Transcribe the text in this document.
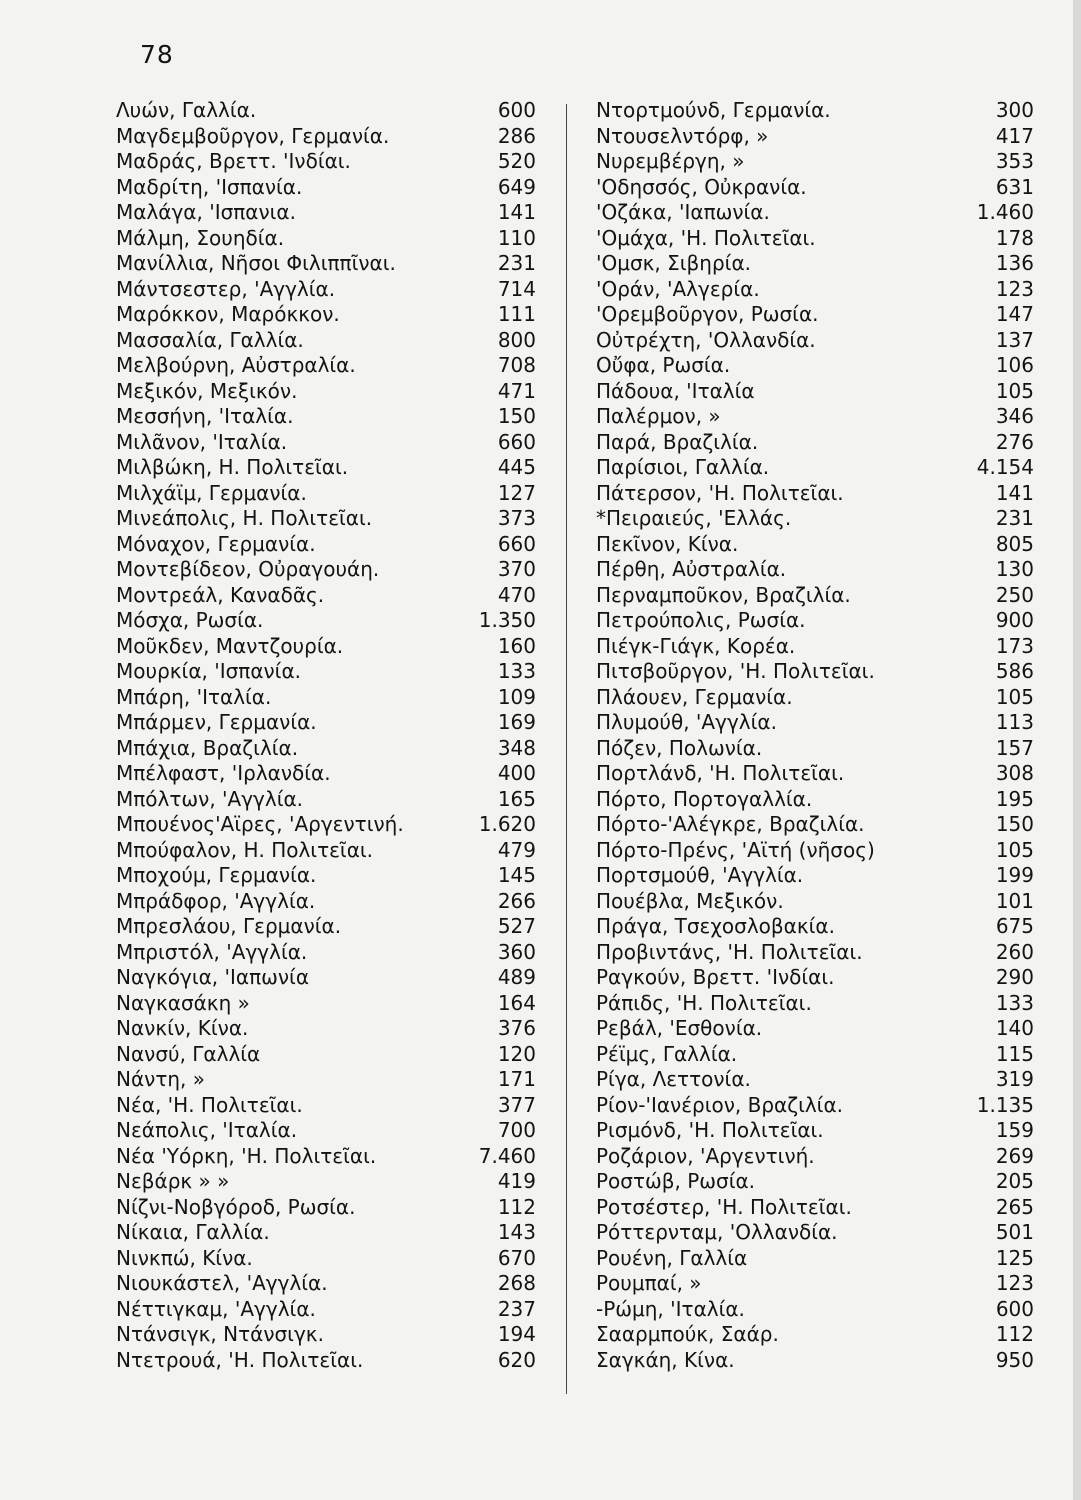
78
Λυών, Γαλλία.	600
Μαγδεμβοῦργον, Γερμανία.	286
Μαδράς, Βρεττ. 'Ινδίαι.	520
Μαδρίτη, 'Ισπανία.	649
Μαλάγα, 'Ισπανια.	141
Μάλμη, Σουηδία.	110
Μανίλλια, Νῆσοι Φιλιππῖναι.	231
Μάντσεστερ, 'Αγγλία.	714
Μαρόκκον, Μαρόκκον.	111
Μασσαλία, Γαλλία.	800
Μελβούρνη, Αὐστραλία.	708
Μεξικόν, Μεξικόν.	471
Μεσσήνη, 'Ιταλία.	150
Μιλᾶνον, 'Ιταλία.	660
Μιλβώκη, Η. Πολιτεῖαι.	445
Μιλχάϊμ, Γερμανία.	127
Μινεάπολις, Η. Πολιτεῖαι.	373
Μόναχον, Γερμανία.	660
Μοντεβίδεον, Οὐραγουάη.	370
Μοντρεάλ, Καναδᾶς.	470
Μόσχα, Ρωσία.	1.350
Μοῦκδεν, Μαντζουρία.	160
Μουρκία, 'Ισπανία.	133
Μπάρη, 'Ιταλία.	109
Μπάρμεν, Γερμανία.	169
Μπάχια, Βραζιλία.	348
Μπέλφαστ, 'Ιρλανδία.	400
Μπόλτων, 'Αγγλία.	165
Μπουένος'Αϊρες, 'Αργεντινή.	1.620
Μπούφαλον, Η. Πολιτεῖαι.	479
Μποχούμ, Γερμανία.	145
Μπράδφορ, 'Αγγλία.	266
Μπρεσλάου, Γερμανία.	527
Μπριστόλ, 'Αγγλία.	360
Ναγκόγια, 'Ιαπωνία	489
Ναγκασάκη »	164
Νανκίν, Κίνα.	376
Νανσύ, Γαλλία	120
Νάντη, »	171
Νέα, 'Η. Πολιτεῖαι.	377
Νεάπολις, 'Ιταλία.	700
Νέα 'Υόρκη, 'Η. Πολιτεῖαι.	7.460
Νεβάρκ » »	419
Νίζνι-Νοβγόροδ, Ρωσία.	112
Νίκαια, Γαλλία.	143
Νινκπώ, Κίνα.	670
Νιουκάστελ, 'Αγγλία.	268
Νέττιγκαμ, 'Αγγλία.	237
Ντάνσιγκ, Ντάνσιγκ.	194
Ντετρουά, 'Η. Πολιτεῖαι.	620
Ντορτμούνδ, Γερμανία.	300
Ντουσελντόρφ, »	417
Νυρεμβέργη, »	353
'Οδησσός, Οὐκρανία.	631
'Οζάκα, 'Ιαπωνία.	1.460
'Ομάχα, 'Η. Πολιτεῖαι.	178
'Ομσκ, Σιβηρία.	136
'Οράν, 'Αλγερία.	123
'Ορεμβοῦργον, Ρωσία.	147
Οὐτρέχτη, 'Ολλανδία.	137
Οὔφα, Ρωσία.	106
Πάδουα, 'Ιταλία	105
Παλέρμον, »	346
Παρά, Βραζιλία.	276
Παρίσιοι, Γαλλία.	4.154
Πάτερσον, 'Η. Πολιτεῖαι.	141
*Πειραιεύς, 'Ελλάς.	231
Πεκῖνον, Κίνα.	805
Πέρθη, Αὐστραλία.	130
Περναμποῦκον, Βραζιλία.	250
Πετρούπολις, Ρωσία.	900
Πιέγκ-Γιάγκ, Κορέα.	173
Πιτσβοῦργον, 'Η. Πολιτεῖαι.	586
Πλάουεν, Γερμανία.	105
Πλυμούθ, 'Αγγλία.	113
Πόζεν, Πολωνία.	157
Πορτλάνδ, 'Η. Πολιτεῖαι.	308
Πόρτο, Πορτογαλλία.	195
Πόρτο-'Αλέγκρε, Βραζιλία.	150
Πόρτο-Πρένς, 'Αϊτή (νῆσος)	105
Πορτσμούθ, 'Αγγλία.	199
Πουέβλα, Μεξικόν.	101
Πράγα, Τσεχοσλοβακία.	675
Προβιντάνς, 'Η. Πολιτεῖαι.	260
Ραγκούν, Βρεττ. 'Ινδίαι.	290
Ράπιδς, 'Η. Πολιτεῖαι.	133
Ρεβάλ, 'Εσθονία.	140
Ρέϊμς, Γαλλία.	115
Ρίγα, Λεττονία.	319
Ρίον-'Ιανέριον, Βραζιλία.	1.135
Ρισμόνδ, 'Η. Πολιτεῖαι.	159
Ροζάριον, 'Αργεντινή.	269
Ροστώβ, Ρωσία.	205
Ροτσέστερ, 'Η. Πολιτεῖαι.	265
Ρόττερνταμ, 'Ολλανδία.	501
Ρουένη, Γαλλία	125
Ρουμπαί, »	123
-Ρώμη, 'Ιταλία.	600
Σααρμπούκ, Σαάρ.	112
Σαγκάη, Κίνα.	950
